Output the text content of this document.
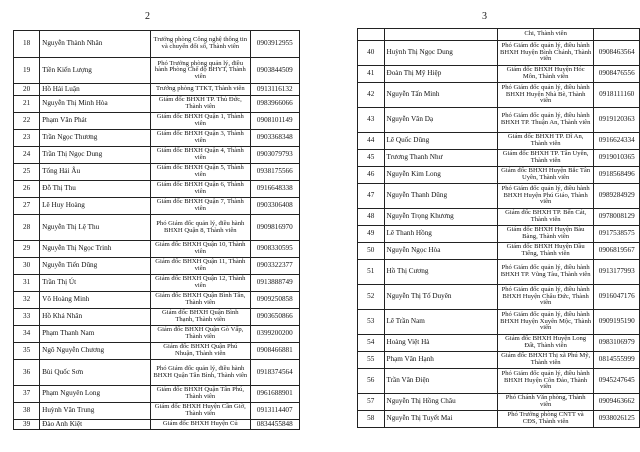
2
18	Nguyễn Thành Nhân	Trưởng phòng Công nghệ thông tin và chuyển đổi số, Thành viên	0903912955
19	Tiền Kiến Lượng	Phó Trưởng phòng quản lý, điều hành Phòng Chế độ BHYT, Thành viên	0903844509
20	Hồ Hải Luận	Trưởng phòng TTKT, Thành viên	0913116132
21	Nguyễn Thị Minh Hòa	Giám đốc BHXH TP. Thủ Đức, Thành viên	0983966066
22	Phạm Văn Phát	Giám đốc BHXH Quận 1, Thành viên	0908101149
23	Trần Ngọc Thương	Giám đốc BHXH Quận 3, Thành viên	0903368348
24	Trần Thị Ngọc Dung	Giám đốc BHXH Quận 4, Thành viên	0903079793
25	Tống Hải Âu	Giám đốc BHXH Quận 5, Thành viên	0938175566
26	Đỗ Thị Thu	Giám đốc BHXH Quận 6, Thành viên	0916648338
27	Lê Huy Hoàng	Giám đốc BHXH Quận 7, Thành viên	0903306408
28	Nguyễn Thị Lệ Thu	Phó Giám đốc quản lý, điều hành BHXH Quận 8, Thành viên	0909816970
29	Nguyễn Thị Ngọc Trinh	Giám đốc BHXH Quận 10, Thành viên	0908330595
30	Nguyễn Tiến Dũng	Giám đốc BHXH Quận 11, Thành viên	0903322377
31	Trần Thị Út	Giám đốc BHXH Quận 12, Thành viên	0913888749
32	Võ Hoàng Minh	Giám đốc BHXH Quận Bình Tân, Thành viên	0909250858
33	Hồ Khả Nhân	Giám đốc BHXH Quận Bình Thạnh, Thành viên	0903650866
34	Phạm Thanh Nam	Giám đốc BHXH Quận Gò Vấp, Thành viên	0399200200
35	Ngô Nguyễn Chương	Giám đốc BHXH Quận Phú Nhuận, Thành viên	0908466881
36	Bùi Quốc Sơn	Phó Giám đốc quản lý, điều hành BHXH Quận Tân Bình, Thành viên	0918374564
37	Phạm Nguyên Long	Giám đốc BHXH Quận Tân Phú, Thành viên	0961688901
38	Huỳnh Văn Trung	Giám đốc BHXH Huyện Cần Giờ, Thành viên	0913114407
39	Đào Anh Kiệt	Giám đốc BHXH Huyện Củ	0834455848
3
		Chi, Thành viên	
40	Huỳnh Thị Ngọc Dung	Phó Giám đốc quản lý, điều hành BHXH Huyện Bình Chánh, Thành viên	0908463564
41	Đoàn Thị Mỹ Hiệp	Giám đốc BHXH Huyện Hóc Môn, Thành viên	0908476556
42	Nguyễn Tấn Minh	Phó Giám đốc quản lý, điều hành BHXH Huyện Nhà Bè, Thành viên	0918111160
43	Nguyễn Văn Dạ	Phó Giám đốc quản lý, điều hành BHXH TP. Thuận An, Thành viên	0919120363
44	Lê Quốc Dũng	Giám đốc BHXH TP. Dĩ An, Thành viên	0916624334
45	Trương Thanh Như	Giám đốc BHXH TP. Tân Uyên, Thành viên	0919010365
46	Nguyễn Kim Long	Giám đốc BHXH Huyện Bắc Tân Uyên, Thành viên	0918568496
47	Nguyễn Thanh Dũng	Phó Giám đốc quản lý, điều hành BHXH Huyện Phú Giáo, Thành viên	0989284929
48	Nguyễn Trọng Khương	Giám đốc BHXH TP. Bến Cát, Thành viên	0978008129
49	Lê Thanh Hồng	Giám đốc BHXH Huyện Bàu Bàng, Thành viên	0917538575
50	Nguyễn Ngọc Hòa	Giám đốc BHXH Huyện Dầu Tiếng, Thành viên	0906819567
51	Hồ Thị Cương	Phó Giám đốc quản lý, điều hành BHXH TP. Vũng Tàu, Thành viên	0913177993
52	Nguyễn Thị Tố Duyên	Phó Giám đốc quản lý, điều hành BHXH Huyện Châu Đức, Thành viên	0916047176
53	Lê Trần Nam	Phó Giám đốc quản lý, điều hành BHXH Huyện Xuyên Mộc, Thành viên	0909195190
54	Hoàng Việt Hà	Giám đốc BHXH Huyện Long Đất, Thành viên	0983106979
55	Phạm Văn Hạnh	Giám đốc BHXH Thị xã Phú Mỹ, Thành viên	0814555999
56	Trần Văn Điện	Phó Giám đốc quản lý, điều hành BHXH Huyện Côn Đảo, Thành viên	0945247645
57	Nguyễn Thị Hồng Châu	Phó Chánh Văn phòng, Thành viên	0909463662
58	Nguyễn Thị Tuyết Mai	Phó Trưởng phòng CNTT và CĐS, Thành viên	0938026125
